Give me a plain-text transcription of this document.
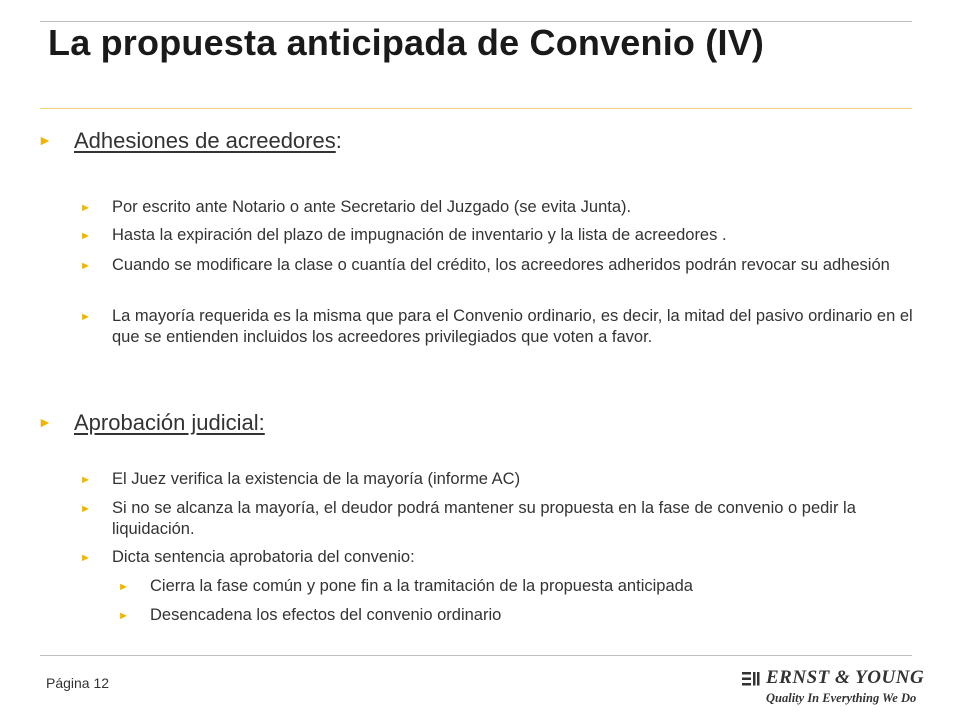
La propuesta anticipada de Convenio (IV)
► Adhesiones de acreedores:
► Por escrito ante Notario o ante Secretario del Juzgado (se evita Junta).
► Hasta la expiración del plazo de impugnación de inventario y la lista de acreedores .
► Cuando se modificare la clase o cuantía del crédito, los acreedores adheridos podrán revocar su adhesión
► La mayoría requerida es la misma que para el Convenio ordinario, es decir, la mitad del pasivo ordinario en el que se entienden incluidos los acreedores privilegiados que voten a favor.
► Aprobación judicial:
► El Juez verifica la existencia de la mayoría (informe AC)
► Si no se alcanza la mayoría, el deudor podrá mantener su propuesta en la fase de convenio o pedir la liquidación.
► Dicta sentencia aprobatoria del convenio:
► Cierra la fase común y pone fin a la tramitación de la propuesta anticipada
► Desencadena los efectos del convenio ordinario
Página 12	ERNST & YOUNG
Quality In Everything We Do
